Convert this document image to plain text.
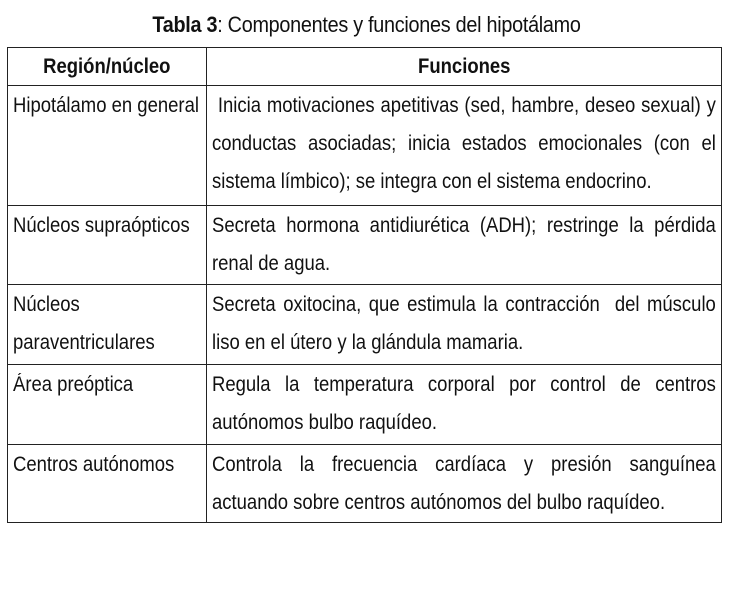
Tabla 3: Componentes y funciones del hipotálamo
Región/núcleo	Funciones
Hipotálamo en general	Inicia motivaciones apetitivas (sed, hambre, deseo sexual) y conductas asociadas; inicia estados emocionales (con el sistema límbico); se integra con el sistema endocrino.
Núcleos supraópticos	Secreta hormona antidiurética (ADH); restringe la pérdida renal de agua.
Núcleos paraventriculares	Secreta oxitocina, que estimula la contracción  del músculo liso en el útero y la glándula mamaria.
Área preóptica	Regula la temperatura corporal por control de centros autónomos bulbo raquídeo.
Centros autónomos	Controla la frecuencia cardíaca y presión sanguínea actuando sobre centros autónomos del bulbo raquídeo.
